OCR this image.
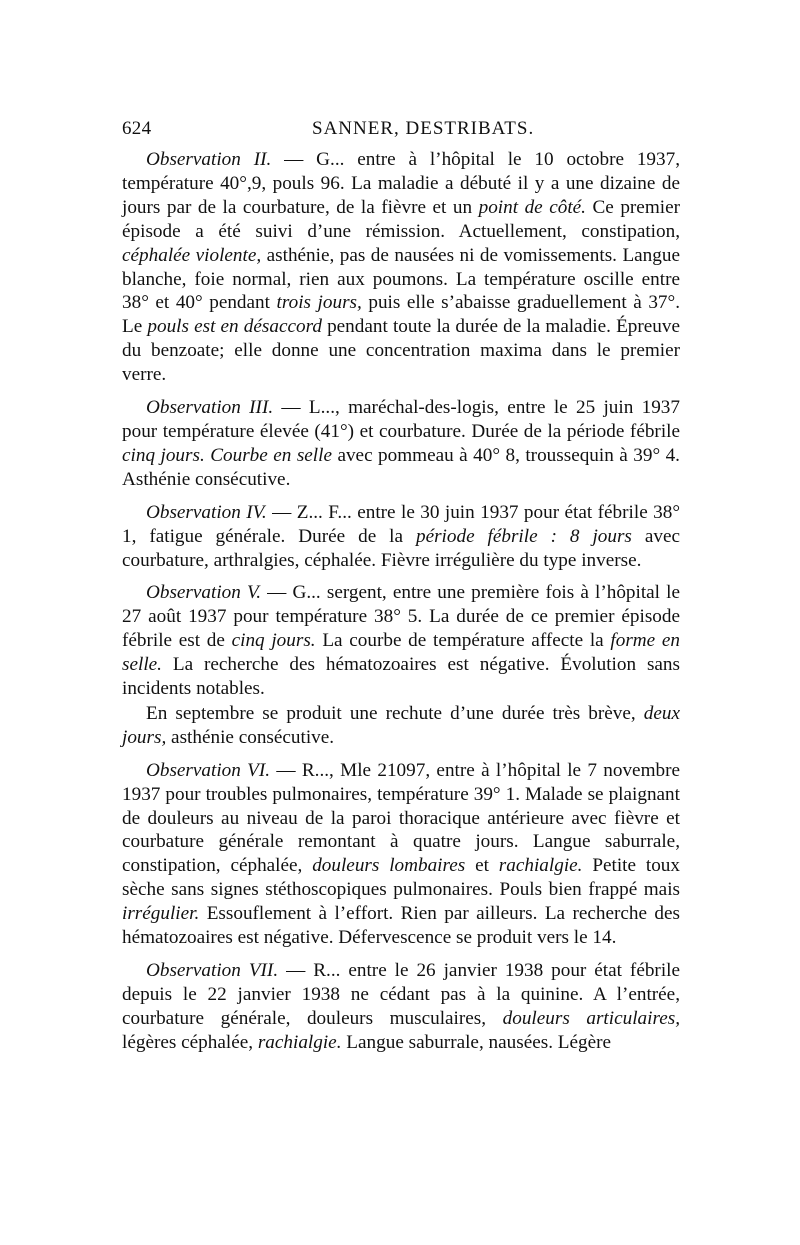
624	SANNER, DESTRIBATS.

Observation II. — G... entre à l’hôpital le 10 octobre 1937, température 40°,9, pouls 96. La maladie a débuté il y a une dizaine de jours par de la courbature, de la fièvre et un point de côté. Ce premier épisode a été suivi d’une rémission. Actuellement, constipation, céphalée violente, asthénie, pas de nausées ni de vomissements. Langue blanche, foie normal, rien aux poumons. La température oscille entre 38° et 40° pendant trois jours, puis elle s’abaisse graduellement à 37°. Le pouls est en désaccord pendant toute la durée de la maladie. Épreuve du benzoate; elle donne une concentration maxima dans le premier verre.

Observation III. — L..., maréchal-des-logis, entre le 25 juin 1937 pour température élevée (41°) et courbature. Durée de la période fébrile cinq jours. Courbe en selle avec pommeau à 40° 8, troussequin à 39° 4. Asthénie consécutive.

Observation IV. — Z... F... entre le 30 juin 1937 pour état fébrile 38° 1, fatigue générale. Durée de la période fébrile : 8 jours avec courbature, arthralgies, céphalée. Fièvre irrégulière du type inverse.

Observation V. — G... sergent, entre une première fois à l’hôpital le 27 août 1937 pour température 38° 5. La durée de ce premier épisode fébrile est de cinq jours. La courbe de température affecte la forme en selle. La recherche des hématozoaires est négative. Évolution sans incidents notables.

En septembre se produit une rechute d’une durée très brève, deux jours, asthénie consécutive.

Observation VI. — R..., Mle 21097, entre à l’hôpital le 7 novembre 1937 pour troubles pulmonaires, température 39° 1. Malade se plaignant de douleurs au niveau de la paroi thoracique antérieure avec fièvre et courbature générale remontant à quatre jours. Langue saburrale, constipation, céphalée, douleurs lombaires et rachialgie. Petite toux sèche sans signes stéthoscopiques pulmonaires. Pouls bien frappé mais irrégulier. Essouflement à l’effort. Rien par ailleurs. La recherche des hématozoaires est négative. Défervescence se produit vers le 14.

Observation VII. — R... entre le 26 janvier 1938 pour état fébrile depuis le 22 janvier 1938 ne cédant pas à la quinine. A l’entrée, courbature générale, douleurs musculaires, douleurs articulaires, légères céphalée, rachialgie. Langue saburrale, nausées. Légère
